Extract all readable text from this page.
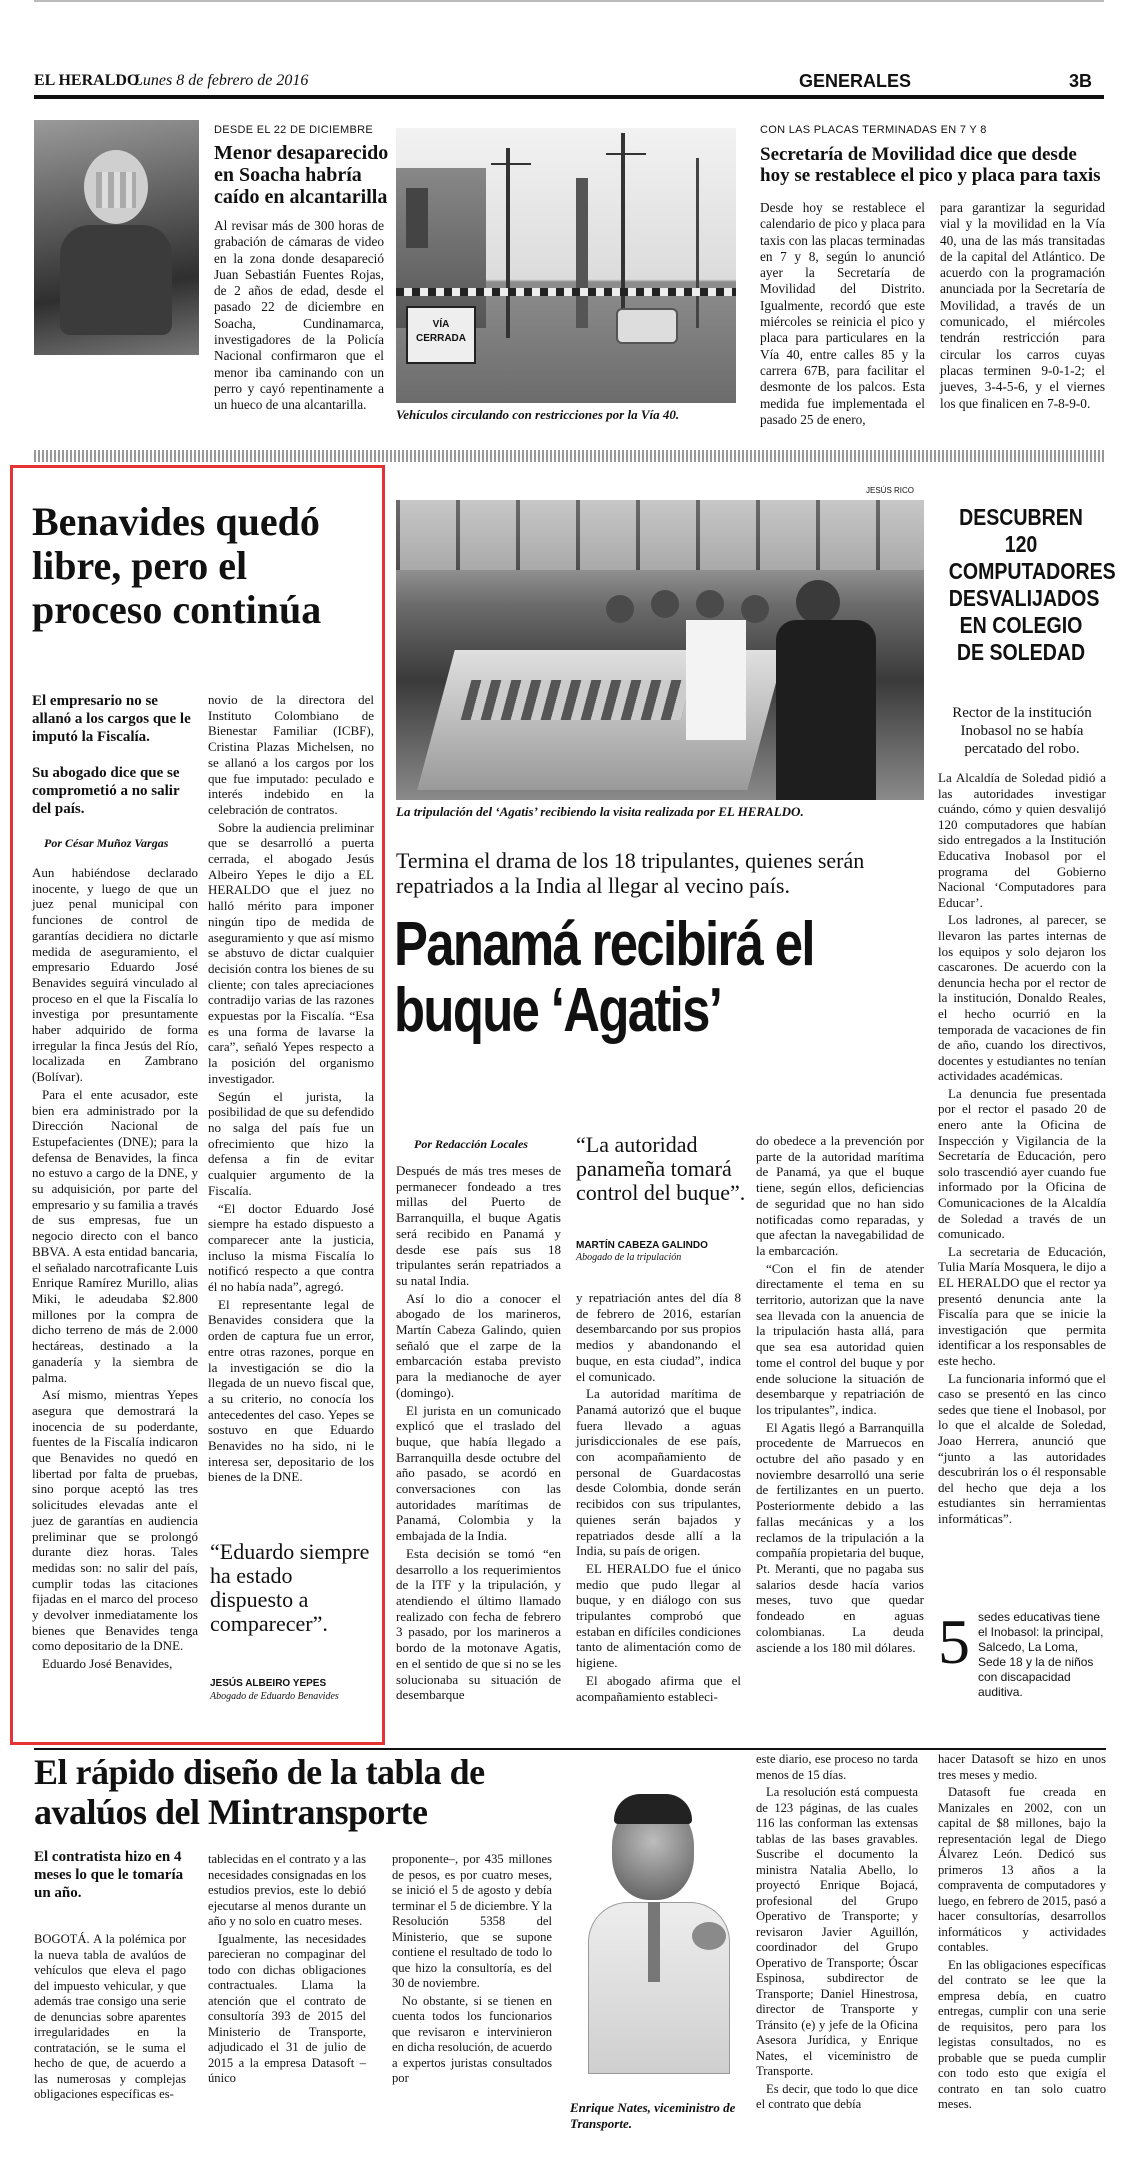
EL HERALDO
Lunes 8 de febrero de 2016	GENERALES	3B
DESDE EL 22 DE DICIEMBRE
Menor desaparecido en Soacha habría caído en alcantarilla

Al revisar más de 300 horas de grabación de cámaras de video en la zona donde desapareció Juan Sebastián Fuentes Rojas, de 2 años de edad, desde el pasado 22 de diciembre en Soacha, Cundinamarca, investigadores de la Policía Nacional confirmaron que el menor iba caminando con un perro y cayó repentinamente a un hueco de una alcantarilla.

VÍA CERRADA
Vehículos circulando con restricciones por la Vía 40.
CON LAS PLACAS TERMINADAS EN 7 Y 8
Secretaría de Movilidad dice que desde hoy se restablece el pico y placa para taxis

Desde hoy se restablece el calendario de pico y placa para taxis con las placas terminadas en 7 y 8, según lo anunció ayer la Secretaría de Movilidad del Distrito. Igualmente, recordó que este miércoles se reinicia el pico y placa para particulares en la Vía 40, entre calles 85 y la carrera 67B, para facilitar el desmonte de los palcos. Esta medida fue implementada el pasado 25 de enero,

para garantizar la seguridad vial y la movilidad en la Vía 40, una de las más transitadas de la capital del Atlántico. De acuerdo con la programación anunciada por la Secretaría de Movilidad, a través de un comunicado, el miércoles tendrán restricción para circular los carros cuyas placas terminen 9-0-1-2; el jueves, 3-4-5-6, y el viernes los que finalicen en 7-8-9-0.

Benavides quedó libre, pero el proceso continúa
El empresario no se allanó a los cargos que le imputó la Fiscalía.
Su abogado dice que se comprometió a no salir del país.
Por César Muñoz Vargas

Aun habiéndose declarado inocente, y luego de que un juez penal municipal con funciones de control de garantías decidiera no dictarle medida de aseguramiento, el empresario Eduardo José Benavides seguirá vinculado al proceso en el que la Fiscalía lo investiga por presuntamente haber adquirido de forma irregular la finca Jesús del Río, localizada en Zambrano (Bolívar).

Para el ente acusador, este bien era administrado por la Dirección Nacional de Estupefacientes (DNE); para la defensa de Benavides, la finca no estuvo a cargo de la DNE, y su adquisición, por parte del empresario y su familia a través de sus empresas, fue un negocio directo con el banco BBVA. A esta entidad bancaria, el señalado narcotraficante Luis Enrique Ramírez Murillo, alias Miki, le adeudaba $2.800 millones por la compra de dicho terreno de más de 2.000 hectáreas, destinado a la ganadería y la siembra de palma.

Así mismo, mientras Yepes asegura que demostrará la inocencia de su poderdante, fuentes de la Fiscalía indicaron que Benavides no quedó en libertad por falta de pruebas, sino porque aceptó las tres solicitudes elevadas ante el juez de garantías en audiencia preliminar que se prolongó durante diez horas. Tales medidas son: no salir del país, cumplir todas las citaciones fijadas en el marco del proceso y devolver inmediatamente los bienes que Benavides tenga como depositario de la DNE.

Eduardo José Benavides,

novio de la directora del Instituto Colombiano de Bienestar Familiar (ICBF), Cristina Plazas Michelsen, no se allanó a los cargos por los que fue imputado: peculado e interés indebido en la celebración de contratos.

Sobre la audiencia preliminar que se desarrolló a puerta cerrada, el abogado Jesús Albeiro Yepes le dijo a EL HERALDO que el juez no halló mérito para imponer ningún tipo de medida de aseguramiento y que así mismo se abstuvo de dictar cualquier decisión contra los bienes de su cliente; con tales apreciaciones contradijo varias de las razones expuestas por la Fiscalía. “Esa es una forma de lavarse la cara”, señaló Yepes respecto a la posición del organismo investigador.

Según el jurista, la posibilidad de que su defendido no salga del país fue un ofrecimiento que hizo la defensa a fin de evitar cualquier argumento de la Fiscalía.

“El doctor Eduardo José siempre ha estado dispuesto a comparecer ante la justicia, incluso la misma Fiscalía lo notificó respecto a que contra él no había nada”, agregó.

El representante legal de Benavides considera que la orden de captura fue un error, entre otras razones, porque en la investigación se dio la llegada de un nuevo fiscal que, a su criterio, no conocía los antecedentes del caso. Yepes se sostuvo en que Eduardo Benavides no ha sido, ni le interesa ser, depositario de los bienes de la DNE.

“Eduardo siempre ha estado dispuesto a comparecer”.
JESÚS ALBEIRO YEPES
Abogado de Eduardo Benavides
JESÚS RICO
La tripulación del ‘Agatis’ recibiendo la visita realizada por EL HERALDO.
Termina el drama de los 18 tripulantes, quienes serán repatriados a la India al llegar al vecino país.
Panamá recibirá el buque ‘Agatis’
Por Redacción Locales “La autoridad panameña tomará control del buque”.
MARTÍN CABEZA GALINDO
Abogado de la tripulación

Después de más tres meses de permanecer fondeado a tres millas del Puerto de Barranquilla, el buque Agatis será recibido en Panamá y desde ese país sus 18 tripulantes serán repatriados a su natal India.

Así lo dio a conocer el abogado de los marineros, Martín Cabeza Galindo, quien señaló que el zarpe de la embarcación estaba previsto para la medianoche de ayer (domingo).

El jurista en un comunicado explicó que el traslado del buque, que había llegado a Barranquilla desde octubre del año pasado, se acordó en conversaciones con las autoridades marítimas de Panamá, Colombia y la embajada de la India.

Esta decisión se tomó “en desarrollo a los requerimientos de la ITF y la tripulación, y atendiendo el último llamado realizado con fecha de febrero 3 pasado, por los marineros a bordo de la motonave Agatis, en el sentido de que si no se les solucionaba su situación de desembarque

y repatriación antes del día 8 de febrero de 2016, estarían desembarcando por sus propios medios y abandonando el buque, en esta ciudad”, indica el comunicado.

La autoridad marítima de Panamá autorizó que el buque fuera llevado a aguas jurisdiccionales de ese país, con acompañamiento de personal de Guardacostas desde Colombia, donde serán recibidos con sus tripulantes, quienes serán bajados y repatriados desde allí a la India, su país de origen.

EL HERALDO fue el único medio que pudo llegar al buque, y en diálogo con sus tripulantes comprobó que estaban en difíciles condiciones tanto de alimentación como de higiene.

El abogado afirma que el acompañamiento estableci-

do obedece a la prevención por parte de la autoridad marítima de Panamá, ya que el buque tiene, según ellos, deficiencias de seguridad que no han sido notificadas como reparadas, y que afectan la navegabilidad de la embarcación.

“Con el fin de atender directamente el tema en su territorio, autorizan que la nave sea llevada con la anuencia de la tripulación hasta allá, para que sea esa autoridad quien tome el control del buque y por ende solucione la situación de desembarque y repatriación de los tripulantes”, indica.

El Agatis llegó a Barranquilla procedente de Marruecos en octubre del año pasado y en noviembre desarrolló una serie de fertilizantes en un puerto. Posteriormente debido a las fallas mecánicas y a los reclamos de la tripulación a la compañía propietaria del buque, Pt. Meranti, que no pagaba sus salarios desde hacía varios meses, tuvo que quedar fondeado en aguas colombianas. La deuda asciende a los 180 mil dólares.

DESCUBREN 120 COMPUTADORES DESVALIJADOS EN COLEGIO DE SOLEDAD
Rector de la institución Inobasol no se había percatado del robo.

La Alcaldía de Soledad pidió a las autoridades investigar cuándo, cómo y quien desvalijó 120 computadores que habían sido entregados a la Institución Educativa Inobasol por el programa del Gobierno Nacional ‘Computadores para Educar’.

Los ladrones, al parecer, se llevaron las partes internas de los equipos y solo dejaron los cascarones. De acuerdo con la denuncia hecha por el rector de la institución, Donaldo Reales, el hecho ocurrió en la temporada de vacaciones de fin de año, cuando los directivos, docentes y estudiantes no tenían actividades académicas.

La denuncia fue presentada por el rector el pasado 20 de enero ante la Oficina de Inspección y Vigilancia de la Secretaría de Educación, pero solo trascendió ayer cuando fue informado por la Oficina de Comunicaciones de la Alcaldía de Soledad a través de un comunicado.

La secretaria de Educación, Tulia María Mosquera, le dijo a EL HERALDO que el rector ya presentó denuncia ante la Fiscalía para que se inicie la investigación que permita identificar a los responsables de este hecho.

La funcionaria informó que el caso se presentó en las cinco sedes que tiene el Inobasol, por lo que el alcalde de Soledad, Joao Herrera, anunció que “junto a las autoridades descubrirán los o él responsable del hecho que deja a los estudiantes sin herramientas informáticas”.

5 sedes educativas tiene el Inobasol: la principal, Salcedo, La Loma, Sede 18 y la de niños con discapacidad auditiva.
El rápido diseño de la tabla de avalúos del Mintransporte
El contratista hizo en 4 meses lo que le tomaría un año.

BOGOTÁ. A la polémica por la nueva tabla de avalúos de vehículos que eleva el pago del impuesto vehicular, y que además trae consigo una serie de denuncias sobre aparentes irregularidades en la contratación, se le suma el hecho de que, de acuerdo a las numerosas y complejas obligaciones específicas es-

tablecidas en el contrato y a las necesidades consignadas en los estudios previos, este lo debió ejecutarse al menos durante un año y no solo en cuatro meses.

Igualmente, las necesidades parecieran no compaginar del todo con dichas obligaciones contractuales. Llama la atención que el contrato de consultoría 393 de 2015 del Ministerio de Transporte, adjudicado el 31 de julio de 2015 a la empresa Datasoft –único

proponente–, por 435 millones de pesos, es por cuatro meses, se inició el 5 de agosto y debía terminar el 5 de diciembre. Y la Resolución 5358 del Ministerio, que se supone contiene el resultado de todo lo que hizo la consultoría, es del 30 de noviembre.

No obstante, si se tienen en cuenta todos los funcionarios que revisaron e intervinieron en dicha resolución, de acuerdo a expertos juristas consultados por

Enrique Nates, viceministro de Transporte.

este diario, ese proceso no tarda menos de 15 días.

La resolución está compuesta de 123 páginas, de las cuales 116 las conforman las extensas tablas de las bases gravables. Suscribe el documento la ministra Natalia Abello, lo proyectó Enrique Bojacá, profesional del Grupo Operativo de Transporte; y revisaron Javier Aguillón, coordinador del Grupo Operativo de Transporte; Óscar Espinosa, subdirector de Transporte; Daniel Hinestrosa, director de Transporte y Tránsito (e) y jefe de la Oficina Asesora Jurídica, y Enrique Nates, el viceministro de Transporte.

Es decir, que todo lo que dice el contrato que debía

hacer Datasoft se hizo en unos tres meses y medio.

Datasoft fue creada en Manizales en 2002, con un capital de $8 millones, bajo la representación legal de Diego Álvarez León. Dedicó sus primeros 13 años a la compraventa de computadores y luego, en febrero de 2015, pasó a hacer consultorías, desarrollos informáticos y actividades contables.

En las obligaciones específicas del contrato se lee que la empresa debía, en cuatro entregas, cumplir con una serie de requisitos, pero para los legistas consultados, no es probable que se pueda cumplir con todo esto que exigía el contrato en tan solo cuatro meses.
